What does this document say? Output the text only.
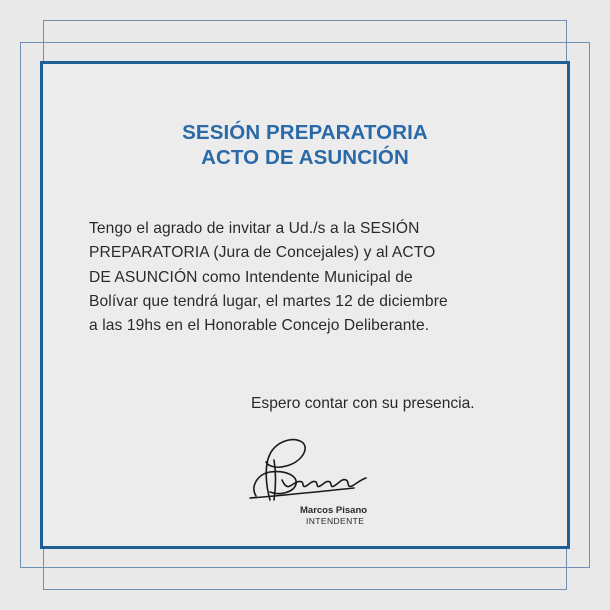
SESIÓN PREPARATORIA
ACTO DE ASUNCIÓN
Tengo el agrado de invitar a Ud./s a la SESIÓN
PREPARATORIA (Jura de Concejales) y al ACTO
DE ASUNCIÓN como Intendente Municipal de
Bolívar que tendrá lugar, el martes 12 de diciembre
a las 19hs en el Honorable Concejo Deliberante.
Espero contar con su presencia.
Marcos Pisano
INTENDENTE
